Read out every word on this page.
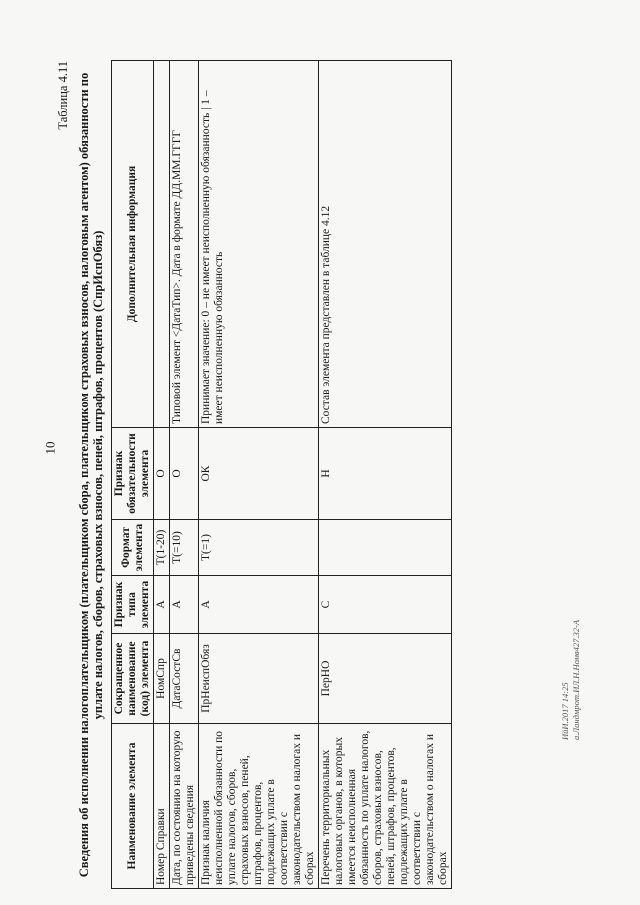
10
Таблица 4.11 Сведения об исполнении налогоплательщиком (плательщиком сбора, плательщиком страховых взносов, налоговым агентом) обязанности по уплате налогов, сборов, страховых взносов, пеней, штрафов, процентов (СпрИспОбяз)
Наименование элемента	Сокращенное наименование (код) элемента	Признак типа элемента	Формат элемента	Признак обязательности элемента	Дополнительная информация
Номер Справки	НомСпр	А	T(1-20)	О	
Дата, по состоянию на которую приведены сведения	ДатаСостСв	А	T(=10)	О	Типовой элемент <ДатаТип>. Дата в формате ДД.ММ.ГГГГ
Признак наличия неисполненной обязанности по уплате налогов, сборов, страховых взносов, пеней, штрафов, процентов, подлежащих уплате в соответствии с законодательством о налогах и сборах	ПрНеиспОбяз	А	T(=1)	ОК	Принимает значение: 0 – не имеет неисполненную обязанность | 1 – имеет неисполненную обязанность
Перечень территориальных налоговых органов, в которых имеется неисполненная обязанность по уплате налогов, сборов, страховых взносов, пеней, штрафов, процентов, подлежащих уплате в соответствии с законодательством о налогах и сборах	ПерНО	С		Н	Состав элемента представлен в таблице 4.12
ИйИ.2017 14:25 а.Ландмрот.ИЛ.Н.Номв427.32-А
